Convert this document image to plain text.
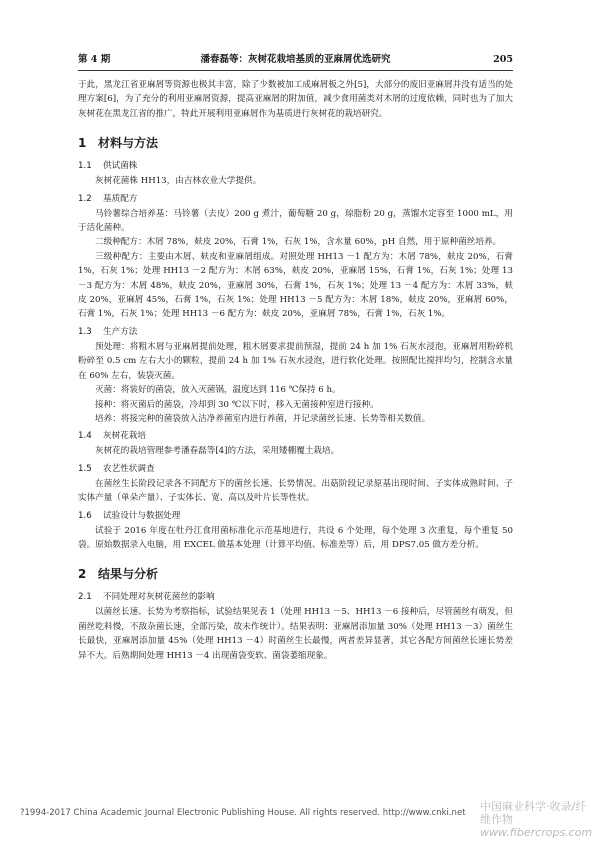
第 4 期	潘春磊等：灰树花栽培基质的亚麻屑优选研究	205

于此，黑龙江省亚麻屑等资源也极其丰富，除了少数被加工成麻屑板之外[5]，大部分的废旧亚麻屑并没有适当的处理方案[6]，为了充分的利用亚麻屑资源，提高亚麻屑的附加值，减少食用菌类对木屑的过度依赖，同时也为了加大灰树花在黑龙江省的推广，特此开展利用亚麻屑作为基质进行灰树花的栽培研究。

1 材料与方法
1.1 供试菌株

灰树花菌株 HH13，由吉林农业大学提供。

1.2 基质配方

马铃薯综合培养基：马铃薯（去皮）200 g 煮汁，葡萄糖 20 g，琼脂粉 20 g，蒸馏水定容至 1000 mL，用于活化菌种。

二级种配方：木屑 78%，麸皮 20%，石膏 1%，石灰 1%，含水量 60%，pH 自然，用于原种菌丝培养。

三级种配方：主要由木屑、麸皮和亚麻屑组成。对照处理 HH13 －1 配方为：木屑 78%，麸皮 20%，石膏 1%，石灰 1%；处理 HH13 －2 配方为：木屑 63%，麸皮 20%，亚麻屑 15%，石膏 1%，石灰 1%；处理 13 －3 配方为：木屑 48%，麸皮 20%，亚麻屑 30%，石膏 1%，石灰 1%；处理 13 －4 配方为：木屑 33%，麸皮 20%，亚麻屑 45%，石膏 1%，石灰 1%；处理 HH13 －5 配方为：木屑 18%，麸皮 20%，亚麻屑 60%，石膏 1%，石灰 1%；处理 HH13 －6 配方为：麸皮 20%，亚麻屑 78%，石膏 1%，石灰 1%。

1.3 生产方法

预处理：将粗木屑与亚麻屑提前处理，粗木屑要求提前预湿，提前 24 h 加 1% 石灰水浸泡，亚麻屑用粉碎机粉碎至 0.5 cm 左右大小的颗粒，提前 24 h 加 1% 石灰水浸泡，进行软化处理。按照配比搅拌均匀，控制含水量在 60% 左右，装袋灭菌。

灭菌：将装好的菌袋，放入灭菌锅，温度达到 116 ℃保持 6 h。

接种：将灭菌后的菌袋，冷却到 30 ℃以下时，移入无菌接种室进行接种。

培养：将接完种的菌袋放入洁净养菌室内进行养菌，并记录菌丝长速、长势等相关数值。

1.4 灰树花栽培

灰树花的栽培管理参考潘春磊等[4]的方法，采用矮棚覆土栽培。

1.5 农艺性状调查

在菌丝生长阶段记录各不同配方下的菌丝长速、长势情况。出菇阶段记录原基出现时间、子实体成熟时间、子实体产量（单朵产量）、子实体长、宽、高以及叶片长等性状。

1.6 试验设计与数据处理

试验于 2016 年度在牡丹江食用菌标准化示范基地进行，共设 6 个处理，每个处理 3 次重复，每个重复 50 袋。原始数据录入电脑，用 EXCEL 做基本处理（计算平均值、标准差等）后，用 DPS7.05 做方差分析。

2 结果与分析
2.1 不同处理对灰树花菌丝的影响

以菌丝长速、长势为考察指标，试验结果见表 1（处理 HH13 －5、HH13 －6 接种后，尽管菌丝有萌发，但菌丝吃料慢，不敌杂菌长速，全部污染，故未作统计）。结果表明：亚麻屑添加量 30%（处理 HH13 －3）菌丝生长最快，亚麻屑添加量 45%（处理 HH13 －4）时菌丝生长最慢，两者差异显著，其它各配方间菌丝长速长势差异不大。后熟期间处理 HH13 －4 出现菌袋变软、菌袋萎缩现象。

?1994-2017 China Academic Journal Electronic Publishing House. All rights reserved. http://www.cnki.net 中国麻业科学·收录/纤维作物
www.fibercrops.com
